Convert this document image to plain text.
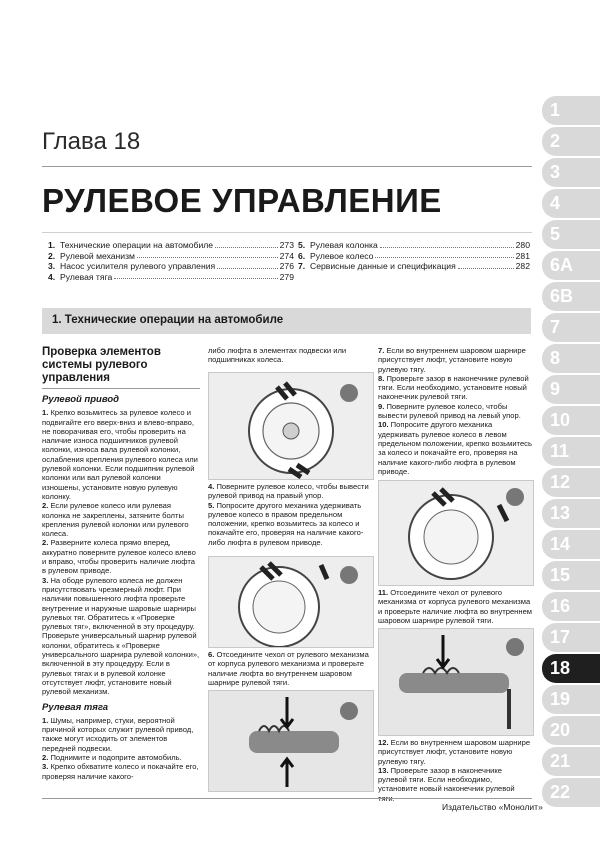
Глава 18
РУЛЕВОЕ УПРАВЛЕНИЕ
1. Технические операции на автомобиле	273
2. Рулевой механизм	274
3. Насос усилителя рулевого управления	276
4. Рулевая тяга	279
5. Рулевая колонка	280
6. Рулевое колесо	281
7. Сервисные данные и спецификация	282
1. Технические операции на автомобиле
Проверка элементов системы рулевого управления
Рулевой привод

1. Крепко возьмитесь за рулевое колесо и подвигайте его вверх-вниз и влево-вправо, не поворачивая его, чтобы проверить на наличие износа подшипников рулевой колонки, износа вала рулевой колонки, ослабления крепления рулевого колеса или рулевой колонки. Если подшипник рулевой колонки или вал рулевой колонки изношены, установите новую рулевую колонку.

2. Если рулевое колесо или рулевая колонка не закреплены, затяните болты крепления рулевой колонки или рулевого колеса.

2. Разверните колеса прямо вперед, аккуратно поверните рулевое колесо влево и вправо, чтобы проверить наличие люфта в рулевом приводе.

3. На ободе рулевого колеса не должен присутствовать чрезмерный люфт. При наличии повышенного люфта проверьте внутренние и наружные шаровые шарниры рулевых тяг. Обратитесь к «Проверке рулевых тяг», включенной в эту процедуру. Проверьте универсальный шарнир рулевой колонки, обратитесь к «Проверке универсального шарнира рулевой колонки», включенной в эту процедуру. Если в рулевых тягах и в рулевой колонке отсутствует люфт, установите новый рулевой механизм.

Рулевая тяга

1. Шумы, например, стуки, вероятной причиной которых служит рулевой привод, также могут исходить от элементов передней подвески.

2. Поднимите и подоприте автомобиль.

3. Крепко обхватите колесо и покачайте его, проверяя наличие какого-

либо люфта в элементах подвески или подшипниках колеса.

4. Поверните рулевое колесо, чтобы вывести рулевой привод на правый упор.

5. Попросите другого механика удерживать рулевое колесо в правом предельном положении, крепко возьмитесь за колесо и покачайте его, проверяя на наличие какого-либо люфта в рулевом приводе.

6. Отсоедините чехол от рулевого механизма от корпуса рулевого механизма и проверьте наличие люфта во внутреннем шаровом шарнире рулевой тяги.

7. Если во внутреннем шаровом шарнире присутствует люфт, установите новую рулевую тягу.

8. Проверьте зазор в наконечнике рулевой тяги. Если необходимо, установите новый наконечник рулевой тяги.

9. Поверните рулевое колесо, чтобы вывести рулевой привод на левый упор.

10. Попросите другого механика удерживать рулевое колесо в левом предельном положении, крепко возьмитесь за колесо и покачайте его, проверяя на наличие какого-либо люфта в рулевом приводе.

11. Отсоедините чехол от рулевого механизма от корпуса рулевого механизма и проверьте наличие люфта во внутреннем шаровом шарнире рулевой тяги.

12. Если во внутреннем шаровом шарнире присутствует люфт, установите новую рулевую тягу.

13. Проверьте зазор в наконечнике рулевой тяги. Если необходимо, установите новый наконечник рулевой

1
2
3
4
5
6A
6B
7
8
9
10
11
12
13
14
15
16
17
18
19
20
21
22
Издательство «Монолит»
